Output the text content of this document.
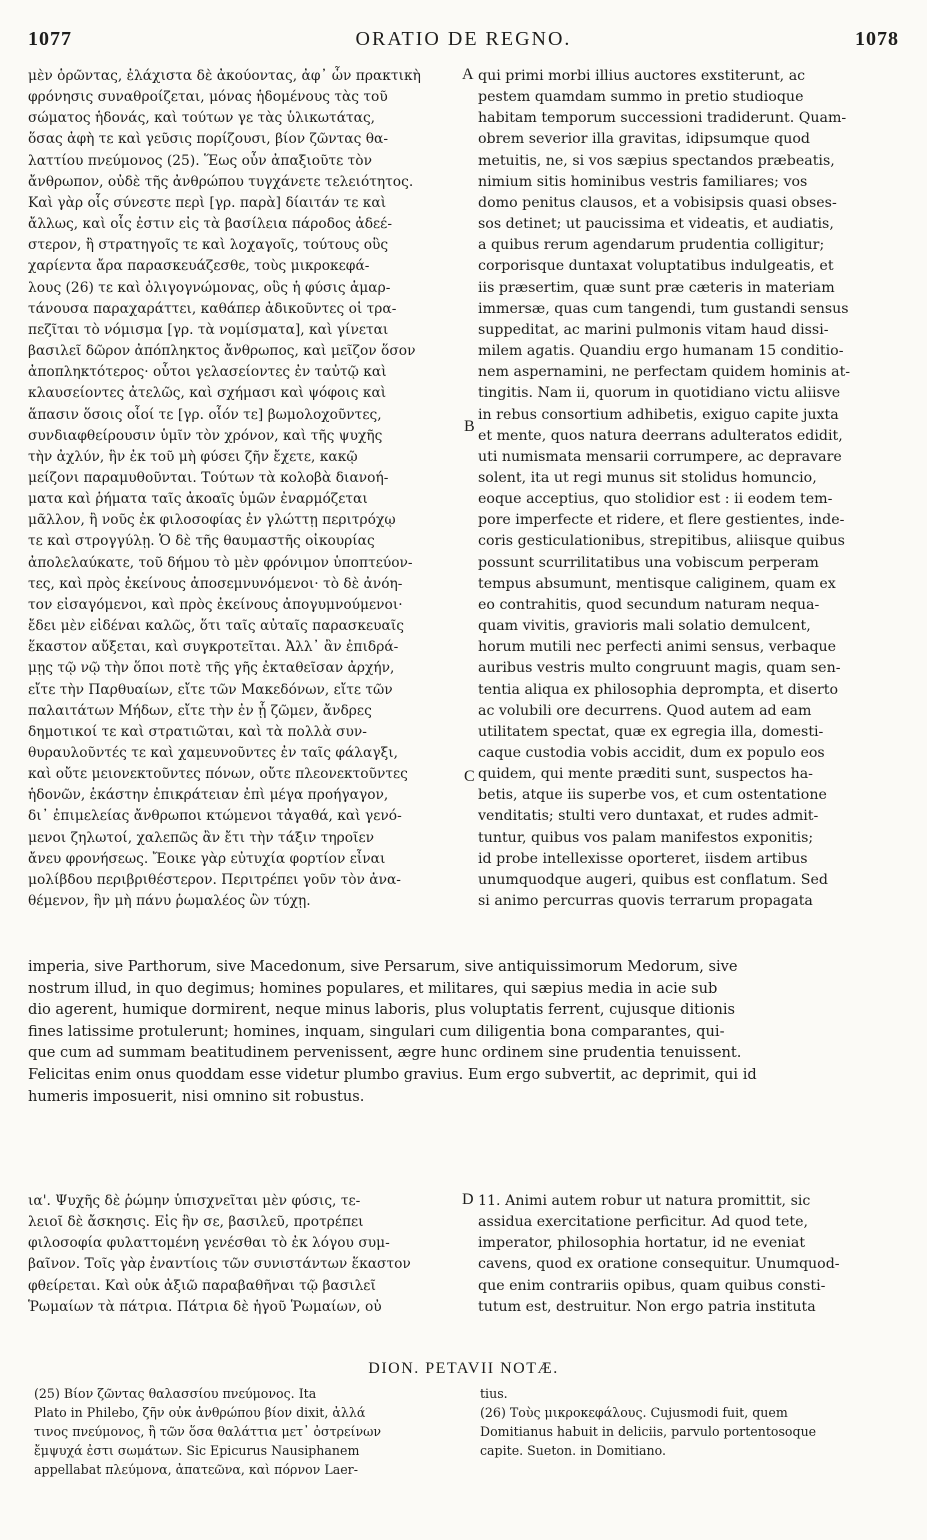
1077	ORATIO DE REGNO.	1078
μὲν ὁρῶντας, ἐλάχιστα δὲ ἀκούοντας, ἀφ᾽ ὧν πρακτικὴ
φρόνησις συναθροίζεται, μόνας ἡδομένους τὰς τοῦ
σώματος ἡδονάς, καὶ τούτων γε τὰς ὑλικωτάτας,
ὅσας ἀφὴ τε καὶ γεῦσις πορίζουσι, βίον ζῶντας θα-
λαττίου πνεύμονος (25). Ἕως οὖν ἀπαξιοῦτε τὸν
ἄνθρωπον, οὐδὲ τῆς ἀνθρώπου τυγχάνετε τελειότητος.
Καὶ γὰρ οἷς σύνεστε περὶ [γρ. παρὰ] δίαιτάν τε καὶ
ἄλλως, καὶ οἷς ἐστιν εἰς τὰ βασίλεια πάροδος ἀδεέ-
στερον, ἢ στρατηγοῖς τε καὶ λοχαγοῖς, τούτους οὓς
χαρίεντα ἄρα παρασκευάζεσθε, τοὺς μικροκεφά-
λους (26) τε καὶ ὀλιγογνώμονας, οὓς ἡ φύσις ἁμαρ-
τάνουσα παραχαράττει, καθάπερ ἀδικοῦντες οἱ τρα-
πεζῖται τὸ νόμισμα [γρ. τὰ νομίσματα], καὶ γίνεται
βασιλεῖ δῶρον ἀπόπληκτος ἄνθρωπος, καὶ μεῖζον ὅσον
ἀποπληκτότερος· οὗτοι γελασείοντες ἐν ταὐτῷ καὶ
κλαυσείοντες ἀτελῶς, καὶ σχήμασι καὶ ψόφοις καὶ
ἅπασιν ὅσοις οἷοί τε [γρ. οἷόν τε] βωμολοχοῦντες,
συνδιαφθείρουσιν ὑμῖν τὸν χρόνον, καὶ τῆς ψυχῆς
τὴν ἀχλύν, ἣν ἐκ τοῦ μὴ φύσει ζῆν ἔχετε, κακῷ
μείζονι παραμυθοῦνται. Τούτων τὰ κολοβὰ διανοή-
ματα καὶ ῥήματα ταῖς ἀκοαῖς ὑμῶν ἐναρμόζεται
μᾶλλον, ἢ νοῦς ἐκ φιλοσοφίας ἐν γλώττῃ περιτρόχῳ
τε καὶ στρογγύλῃ. Ὁ δὲ τῆς θαυμαστῆς οἰκουρίας
ἀπολελαύκατε, τοῦ δήμου τὸ μὲν φρόνιμον ὑποπτεύον-
τες, καὶ πρὸς ἐκείνους ἀποσεμνυνόμενοι· τὸ δὲ ἀνόη-
τον εἰσαγόμενοι, καὶ πρὸς ἐκείνους ἀπογυμνούμενοι·
ἔδει μὲν εἰδέναι καλῶς, ὅτι ταῖς αὐταῖς παρασκευαῖς
ἕκαστον αὔξεται, καὶ συγκροτεῖται. Ἀλλ᾽ ἂν ἐπιδρά-
μῃς τῷ νῷ τὴν ὅποι ποτὲ τῆς γῆς ἐκταθεῖσαν ἀρχήν,
εἴτε τὴν Παρθυαίων, εἴτε τῶν Μακεδόνων, εἴτε τῶν
παλαιτάτων Μήδων, εἴτε τὴν ἐν ᾗ ζῶμεν, ἄνδρες
δημοτικοί τε καὶ στρατιῶται, καὶ τὰ πολλὰ συν-
θυραυλοῦντές τε καὶ χαμευνοῦντες ἐν ταῖς φάλαγξι,
καὶ οὔτε μειονεκτοῦντες πόνων, οὔτε πλεονεκτοῦντες
ἡδονῶν, ἑκάστην ἐπικράτειαν ἐπὶ μέγα προήγαγον,
δι᾽ ἐπιμελείας ἄνθρωποι κτώμενοι τἀγαθά, καὶ γενό-
μενοι ζηλωτοί, χαλεπῶς ἂν ἔτι τὴν τάξιν τηροῖεν
ἄνευ φρονήσεως. Ἔοικε γὰρ εὐτυχία φορτίον εἶναι
μολίβδου περιβριθέστερον. Περιτρέπει γοῦν τὸν ἀνα-
θέμενον, ἣν μὴ πάνυ ῥωμαλέος ὢν τύχῃ.
qui primi morbi illius auctores exstiterunt, ac
pestem quamdam summo in pretio studioque
habitam temporum successioni tradiderunt. Quam-
obrem severior illa gravitas, idipsumque quod
metuitis, ne, si vos sæpius spectandos præbeatis,
nimium sitis hominibus vestris familiares; vos
domo penitus clausos, et a vobisipsis quasi obses-
sos detinet; ut paucissima et videatis, et audiatis,
a quibus rerum agendarum prudentia colligitur;
corporisque duntaxat voluptatibus indulgeatis, et
iis præsertim, quæ sunt præ cæteris in materiam
immersæ, quas cum tangendi, tum gustandi sensus
suppeditat, ac marini pulmonis vitam haud dissi-
milem agatis. Quandiu ergo humanam 15 conditio-
nem aspernamini, ne perfectam quidem hominis at-
tingitis. Nam ii, quorum in quotidiano victu aliisve
in rebus consortium adhibetis, exiguo capite juxta
et mente, quos natura deerrans adulteratos edidit,
uti numismata mensarii corrumpere, ac depravare
solent, ita ut regi munus sit stolidus homuncio,
eoque acceptius, quo stolidior est : ii eodem tem-
pore imperfecte et ridere, et flere gestientes, inde-
coris gesticulationibus, strepitibus, aliisque quibus
possunt scurrilitatibus una vobiscum perperam
tempus absumunt, mentisque caliginem, quam ex
eo contrahitis, quod secundum naturam nequa-
quam vivitis, gravioris mali solatio demulcent,
horum mutili nec perfecti animi sensus, verbaque
auribus vestris multo congruunt magis, quam sen-
tentia aliqua ex philosophia deprompta, et diserto
ac volubili ore decurrens. Quod autem ad eam
utilitatem spectat, quæ ex egregia illa, domesti-
caque custodia vobis accidit, dum ex populo eos
quidem, qui mente præditi sunt, suspectos ha-
betis, atque iis superbe vos, et cum ostentatione
venditatis; stulti vero duntaxat, et rudes admit-
tuntur, quibus vos palam manifestos exponitis;
id probe intellexisse oporteret, iisdem artibus
unumquodque augeri, quibus est conflatum. Sed
si animo percurras quovis terrarum propagata
imperia, sive Parthorum, sive Macedonum, sive Persarum, sive antiquissimorum Medorum, sive
nostrum illud, in quo degimus; homines populares, et militares, qui sæpius media in acie sub
dio agerent, humique dormirent, neque minus laboris, plus voluptatis ferrent, cujusque ditionis
fines latissime protulerunt; homines, inquam, singulari cum diligentia bona comparantes, qui-
que cum ad summam beatitudinem pervenissent, ægre hunc ordinem sine prudentia tenuissent.
Felicitas enim onus quoddam esse videtur plumbo gravius. Eum ergo subvertit, ac deprimit, qui id
humeris imposuerit, nisi omnino sit robustus.
ια'. Ψυχῆς δὲ ῥώμην ὑπισχνεῖται μὲν φύσις, τε-
λειοῖ δὲ ἄσκησις. Εἰς ἣν σε, βασιλεῦ, προτρέπει
φιλοσοφία φυλαττομένη γενέσθαι τὸ ἐκ λόγου συμ-
βαῖνον. Τοῖς γὰρ ἐναντίοις τῶν συνιστάντων ἕκαστον
φθείρεται. Καὶ οὐκ ἀξιῶ παραβαθῆναι τῷ βασιλεῖ
Ῥωμαίων τὰ πάτρια. Πάτρια δὲ ἡγοῦ Ῥωμαίων, οὐ
11. Animi autem robur ut natura promittit, sic
assidua exercitatione perficitur. Ad quod tete,
imperator, philosophia hortatur, id ne eveniat
cavens, quod ex oratione consequitur. Unumquod-
que enim contrariis opibus, quam quibus consti-
tutum est, destruitur. Non ergo patria instituta
A
B
C
D
DION. PETAVII NOTÆ.
(25) Βίον ζῶντας θαλασσίου πνεύμονος. Ita
Plato in Philebo, ζῆν οὐκ ἀνθρώπου βίον dixit, ἀλλά
τινος πνεύμονος, ἢ τῶν ὅσα θαλάττια μετ᾽ ὀστρείνων
ἔμψυχά ἐστι σωμάτων. Sic Epicurus Nausiphanem
appellabat πλεύμονα, ἀπατεῶνα, καὶ πόρνον Laer-
tius.
(26) Τοὺς μικροκεφάλους. Cujusmodi fuit, quem
Domitianus habuit in deliciis, parvulo portentosoque
capite. Sueton. in Domitiano.
